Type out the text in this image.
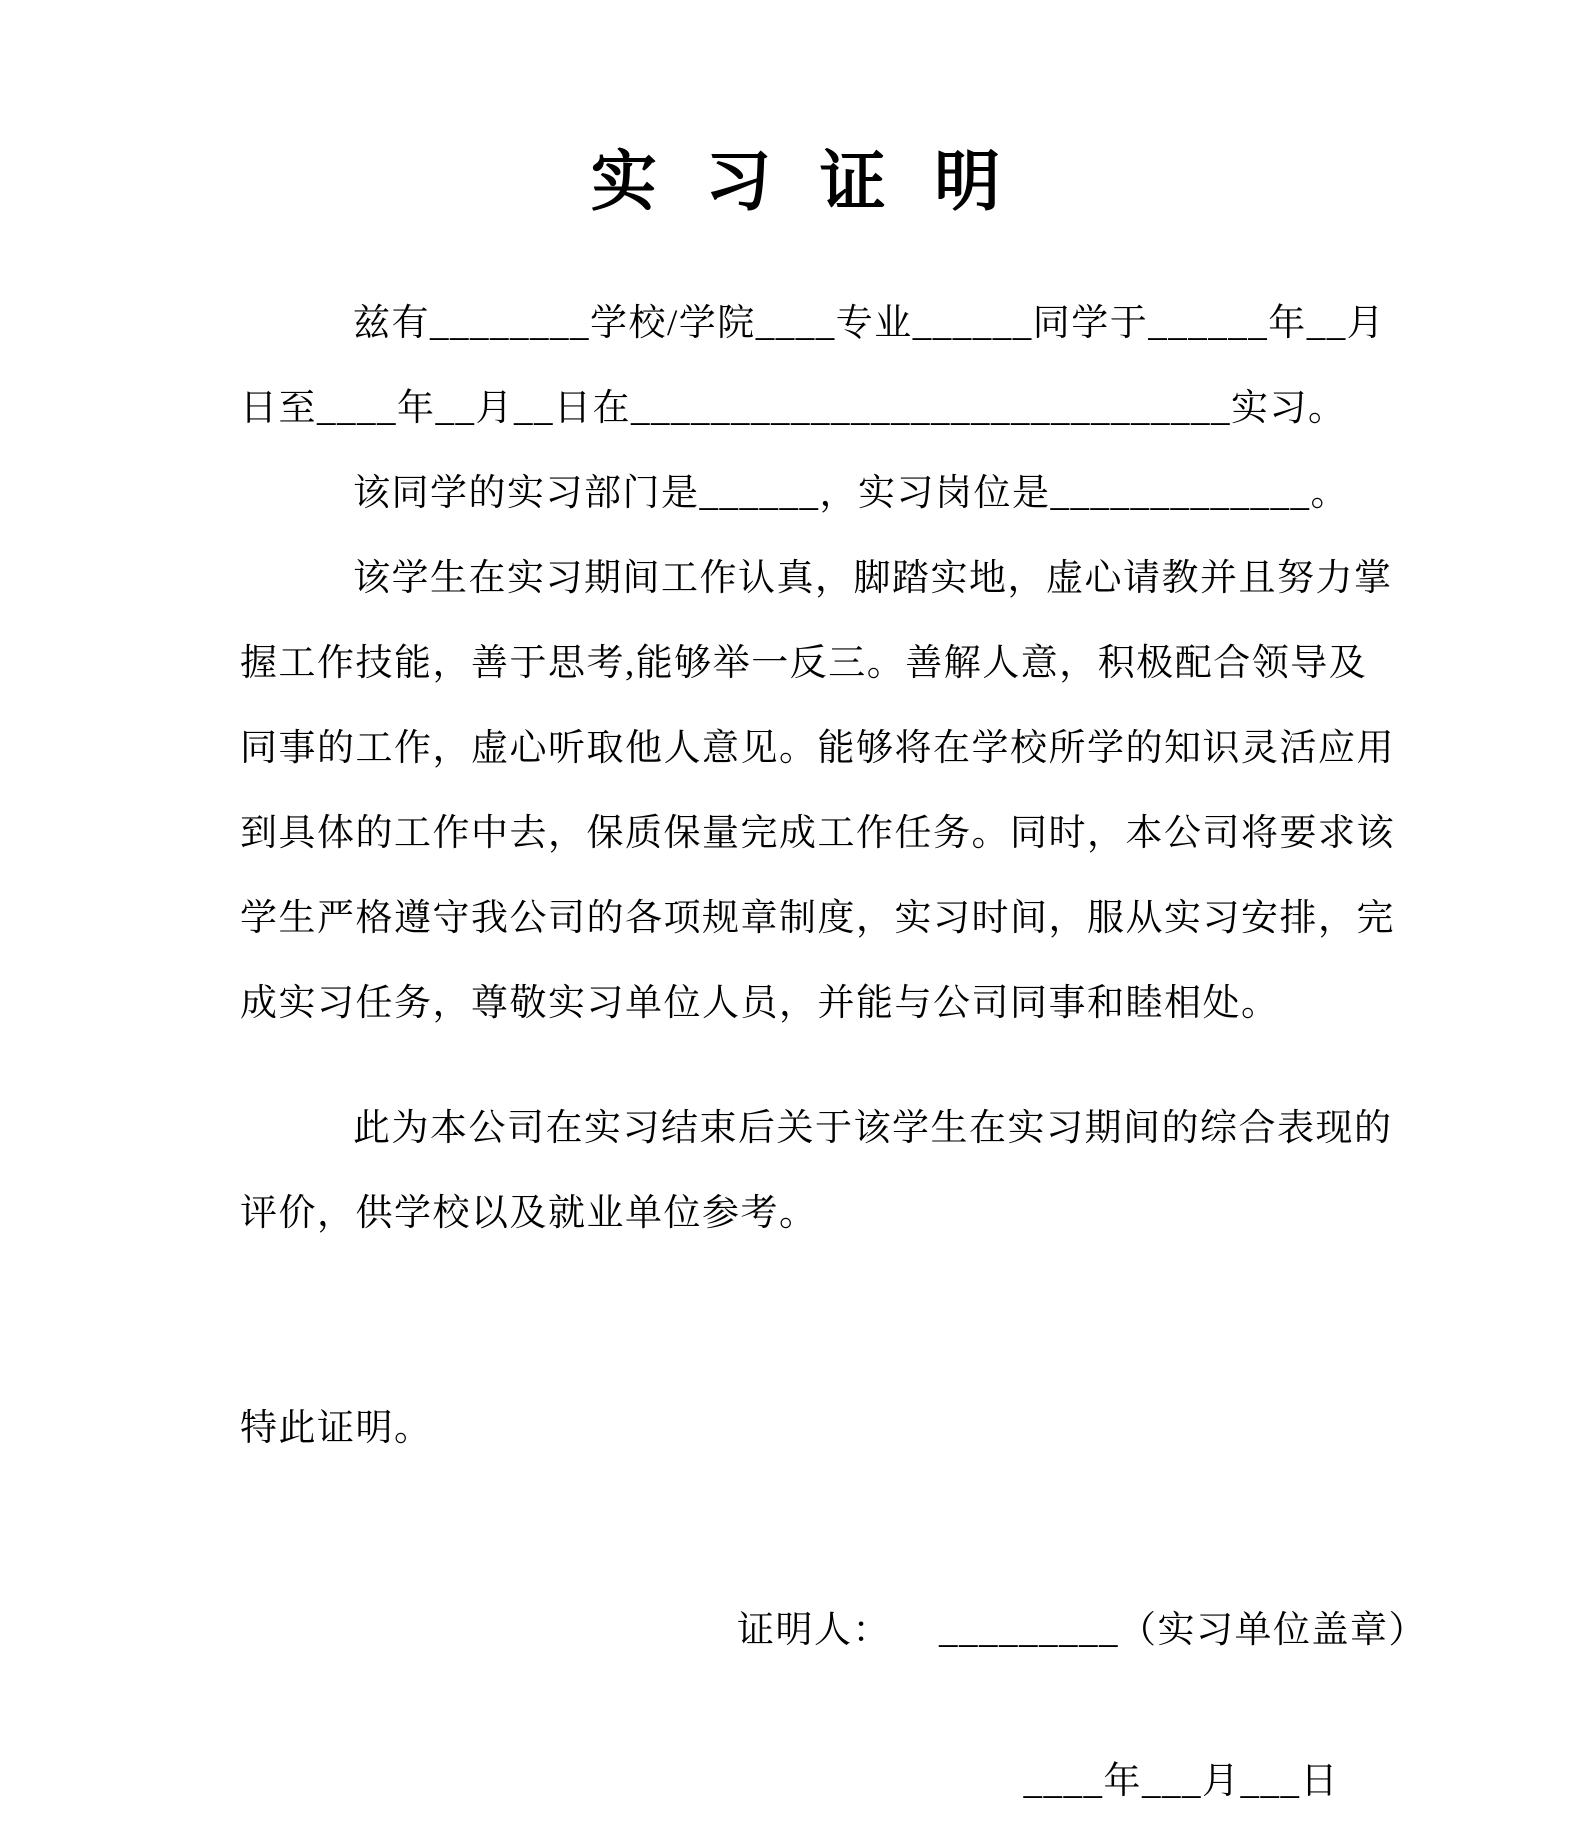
实 习 证 明
兹有________学校/学院____专业______同学于______年__月
日至____年__月__日在______________________________实习。
该同学的实习部门是______，实习岗位是_____________。
该学生在实习期间工作认真，脚踏实地，虚心请教并且努力掌
握工作技能，善于思考,能够举一反三。善解人意，积极配合领导及
同事的工作，虚心听取他人意见。能够将在学校所学的知识灵活应用
到具体的工作中去，保质保量完成工作任务。同时，本公司将要求该
学生严格遵守我公司的各项规章制度，实习时间，服从实习安排，完
成实习任务，尊敬实习单位人员，并能与公司同事和睦相处。
此为本公司在实习结束后关于该学生在实习期间的综合表现的
评价，供学校以及就业单位参考。
特此证明。
证明人： _________（实习单位盖章）
____年___月___日
